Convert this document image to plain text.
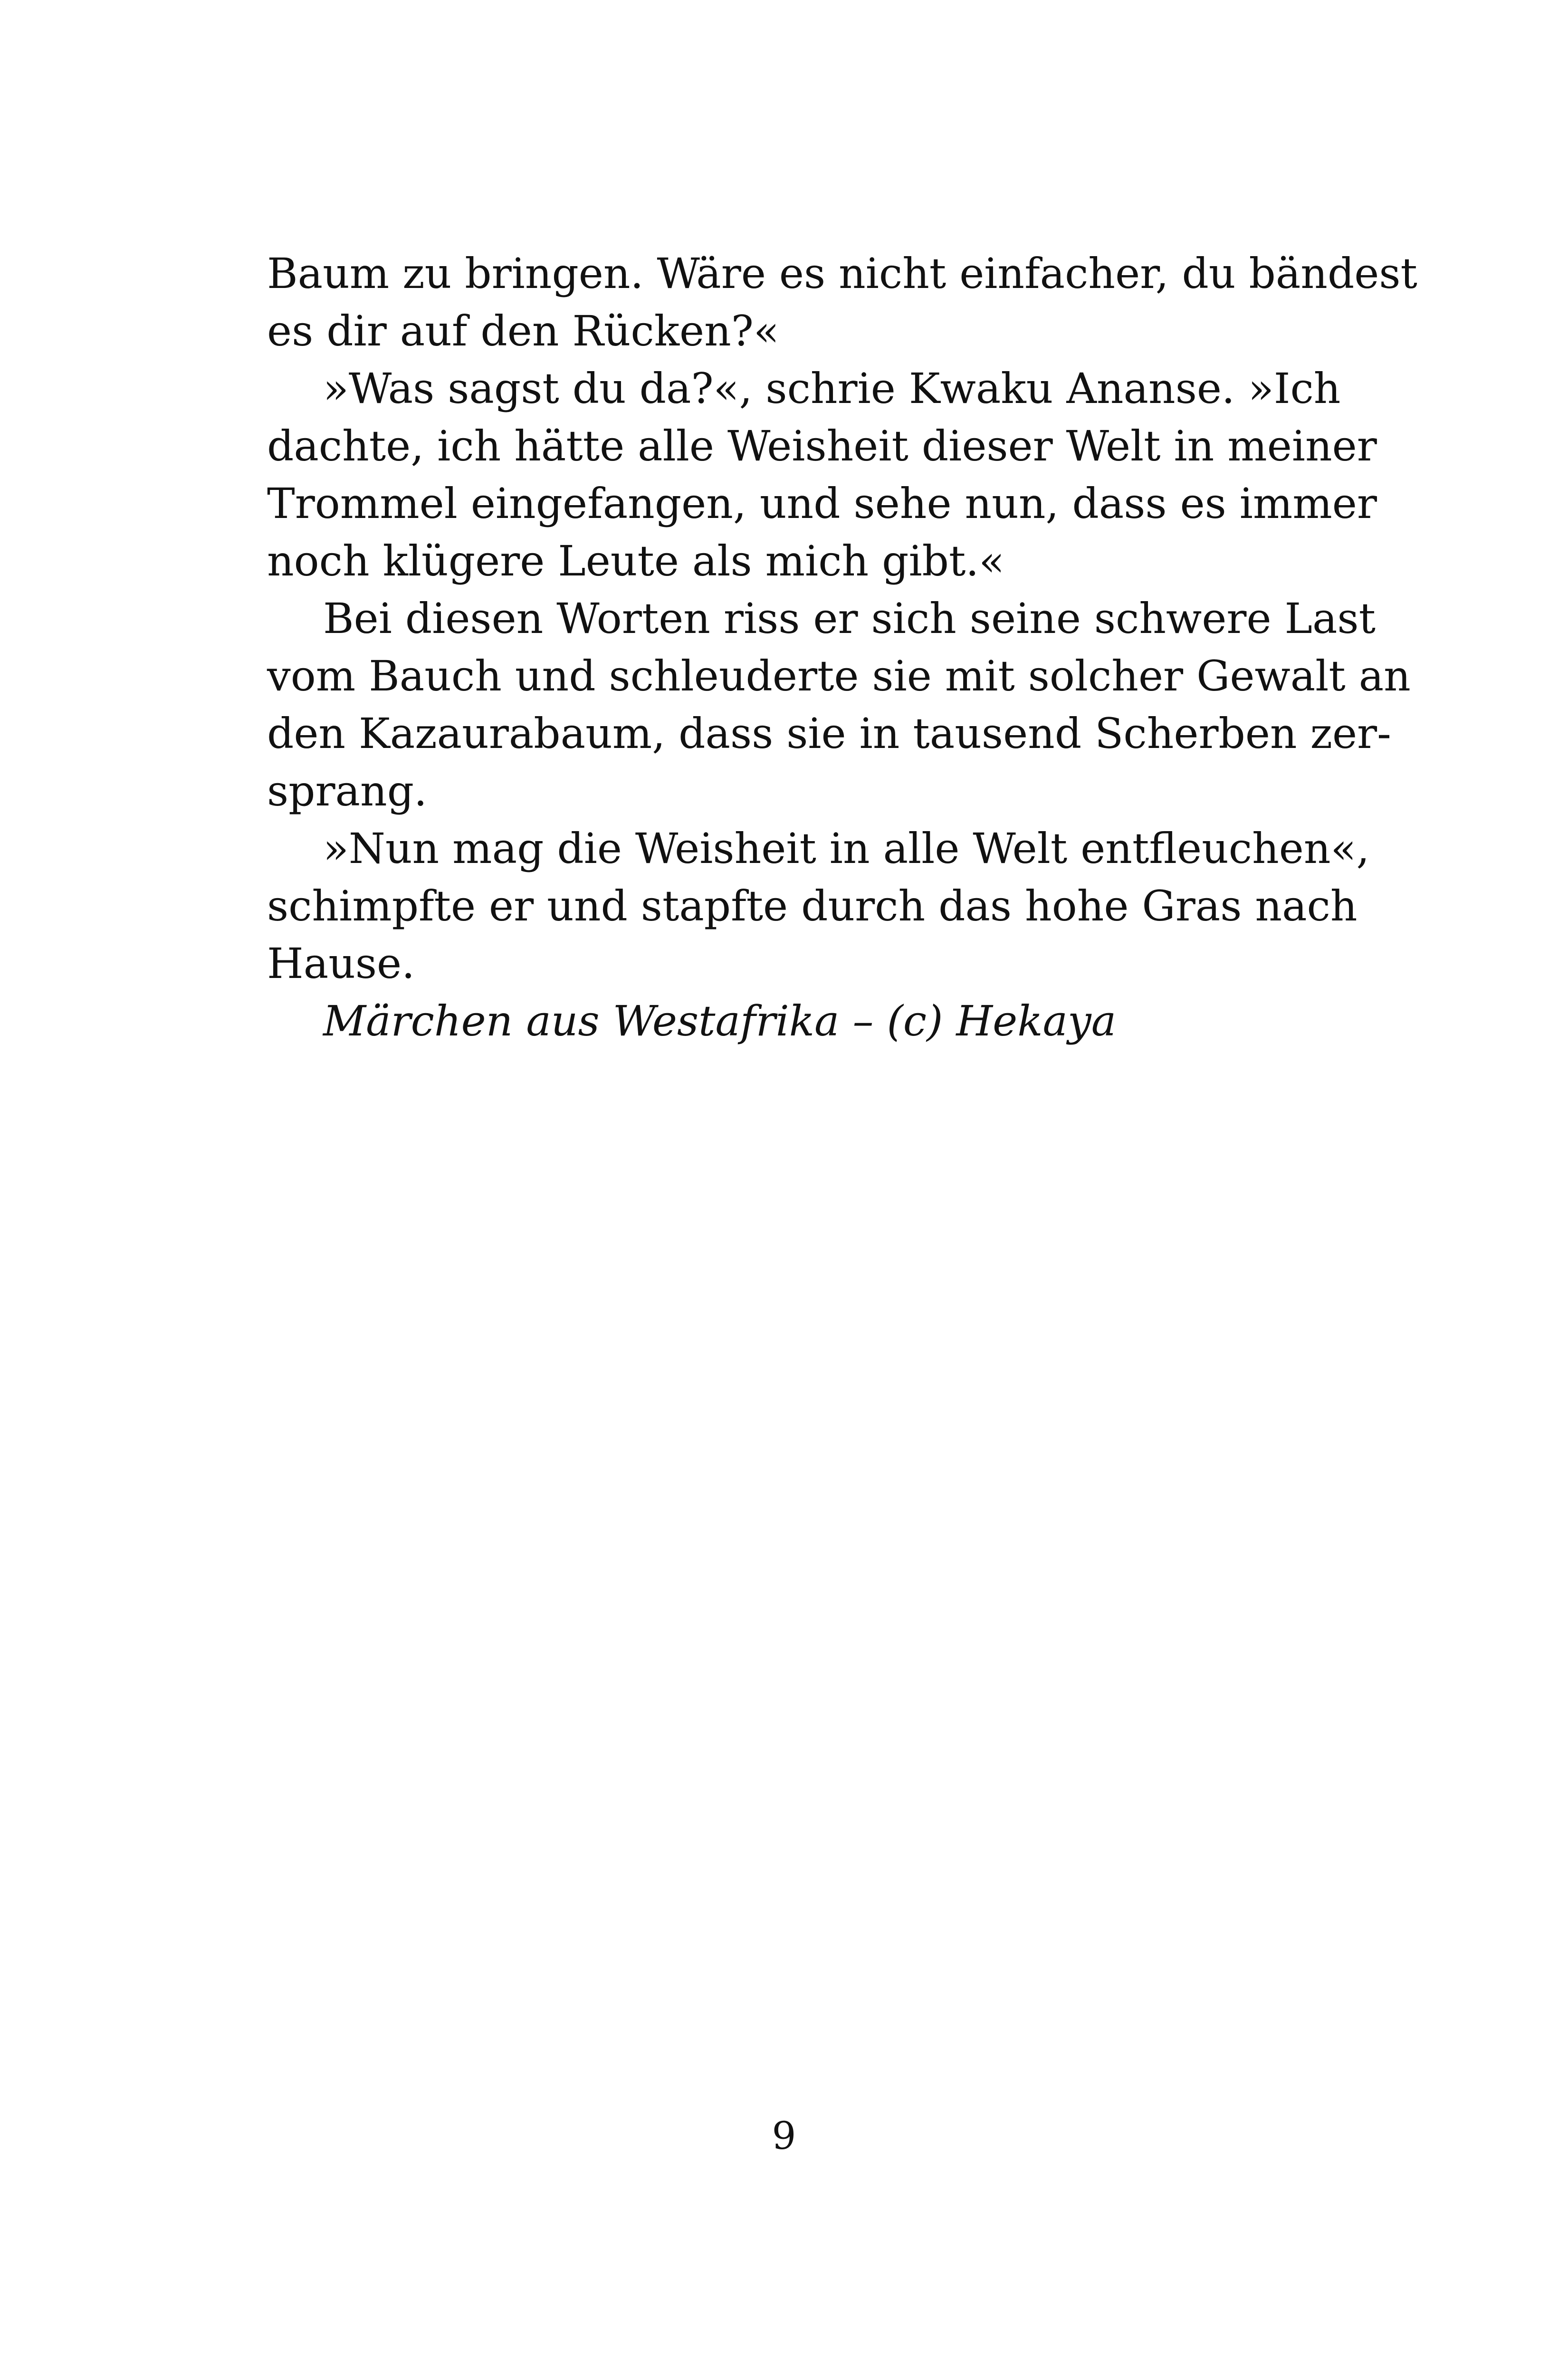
Baum zu bringen. Wäre es nicht einfacher, du bändest
es dir auf den Rücken?«
»Was sagst du da?«, schrie Kwaku Ananse. »Ich
dachte, ich hätte alle Weisheit dieser Welt in meiner
Trommel eingefangen, und sehe nun, dass es immer
noch klügere Leute als mich gibt.«
Bei diesen Worten riss er sich seine schwere Last
vom Bauch und schleuderte sie mit solcher Gewalt an
den Kazaurabaum, dass sie in tausend Scherben zer-
sprang.
»Nun mag die Weisheit in alle Welt entfleuchen«,
schimpfte er und stapfte durch das hohe Gras nach
Hause.
Märchen aus Westafrika – (c) Hekaya
9
